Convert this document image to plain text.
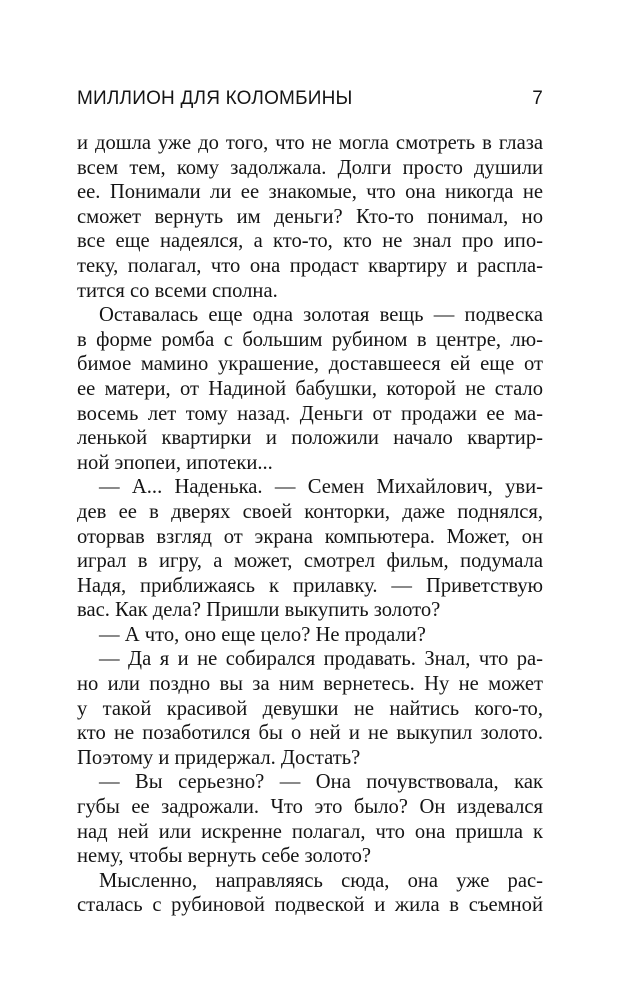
МИЛЛИОН ДЛЯ КОЛОМБИНЫ	7
и дошла уже до того, что не могла смотреть в глаза
всем тем, кому задолжала. Долги просто душили
ее. Понимали ли ее знакомые, что она никогда не
сможет вернуть им деньги? Кто-то понимал, но
все еще надеялся, а кто-то, кто не знал про ипо-
теку, полагал, что она продаст квартиру и распла-
тится со всеми сполна.
Оставалась еще одна золотая вещь — подвеска
в форме ромба с большим рубином в центре, лю-
бимое мамино украшение, доставшееся ей еще от
ее матери, от Надиной бабушки, которой не стало
восемь лет тому назад. Деньги от продажи ее ма-
ленькой квартирки и положили начало квартир-
ной эпопеи, ипотеки...
— А... Наденька. — Семен Михайлович, уви-
дев ее в дверях своей конторки, даже поднялся,
оторвав взгляд от экрана компьютера. Может, он
играл в игру, а может, смотрел фильм, подумала
Надя, приближаясь к прилавку. — Приветствую
вас. Как дела? Пришли выкупить золото?
— А что, оно еще цело? Не продали?
— Да я и не собирался продавать. Знал, что ра-
но или поздно вы за ним вернетесь. Ну не может
у такой красивой девушки не найтись кого-то,
кто не позаботился бы о ней и не выкупил золото.
Поэтому и придержал. Достать?
— Вы серьезно? — Она почувствовала, как
губы ее задрожали. Что это было? Он издевался
над ней или искренне полагал, что она пришла к
нему, чтобы вернуть себе золото?
Мысленно, направляясь сюда, она уже рас-
сталась с рубиновой подвеской и жила в съемной
